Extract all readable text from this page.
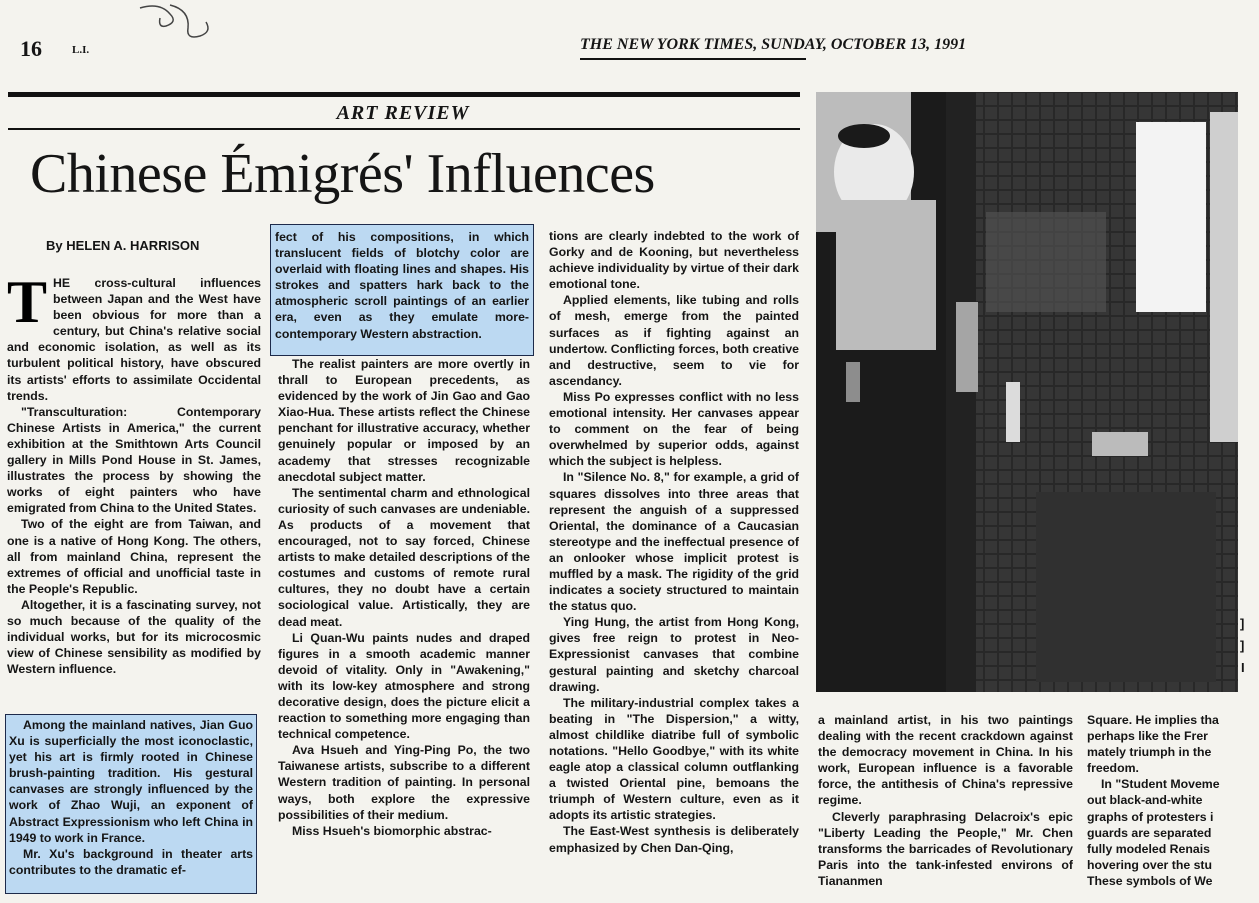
16	L.I.	THE NEW YORK TIMES, SUNDAY, OCTOBER 13, 1991
ART REVIEW
Chinese Émigrés' Influences
By HELEN A. HARRISON
T HE cross-cultural influences between Japan and the West have been obvious for more than a century, but China's relative social and economic isolation, as well as its turbulent political history, have obscured its artists' efforts to assimilate Occidental trends.

"Transculturation: Contemporary Chinese Artists in America," the current exhibition at the Smithtown Arts Council gallery in Mills Pond House in St. James, illustrates the process by showing the works of eight painters who have emigrated from China to the United States.

Two of the eight are from Taiwan, and one is a native of Hong Kong. The others, all from mainland China, represent the extremes of official and unofficial taste in the People's Republic.

Altogether, it is a fascinating survey, not so much because of the quality of the individual works, but for its microcosmic view of Chinese sensibility as modified by Western influence.

Among the mainland natives, Jian Guo Xu is superficially the most iconoclastic, yet his art is firmly rooted in Chinese brush-painting tradition. His gestural canvases are strongly influenced by the work of Zhao Wuji, an exponent of Abstract Expressionism who left China in 1949 to work in France.

Mr. Xu's background in theater arts contributes to the dramatic ef-

fect of his compositions, in which translucent fields of blotchy color are overlaid with floating lines and shapes. His strokes and spatters hark back to the atmospheric scroll paintings of an earlier era, even as they emulate more-contemporary Western abstraction.

The realist painters are more overtly in thrall to European precedents, as evidenced by the work of Jin Gao and Gao Xiao-Hua. These artists reflect the Chinese penchant for illustrative accuracy, whether genuinely popular or imposed by an academy that stresses recognizable anecdotal subject matter.

The sentimental charm and ethnological curiosity of such canvases are undeniable. As products of a movement that encouraged, not to say forced, Chinese artists to make detailed descriptions of the costumes and customs of remote rural cultures, they no doubt have a certain sociological value. Artistically, they are dead meat.

Li Quan-Wu paints nudes and draped figures in a smooth academic manner devoid of vitality. Only in "Awakening," with its low-key atmosphere and strong decorative design, does the picture elicit a reaction to something more engaging than technical competence.

Ava Hsueh and Ying-Ping Po, the two Taiwanese artists, subscribe to a different Western tradition of painting. In personal ways, both explore the expressive possibilities of their medium.

Miss Hsueh's biomorphic abstrac-

tions are clearly indebted to the work of Gorky and de Kooning, but nevertheless achieve individuality by virtue of their dark emotional tone.

Applied elements, like tubing and rolls of mesh, emerge from the painted surfaces as if fighting against an undertow. Conflicting forces, both creative and destructive, seem to vie for ascendancy.

Miss Po expresses conflict with no less emotional intensity. Her canvases appear to comment on the fear of being overwhelmed by superior odds, against which the subject is helpless.

In "Silence No. 8," for example, a grid of squares dissolves into three areas that represent the anguish of a suppressed Oriental, the dominance of a Caucasian stereotype and the ineffectual presence of an onlooker whose implicit protest is muffled by a mask. The rigidity of the grid indicates a society structured to maintain the status quo.

Ying Hung, the artist from Hong Kong, gives free reign to protest in Neo-Expressionist canvases that combine gestural painting and sketchy charcoal drawing.

The military-industrial complex takes a beating in "The Dispersion," a witty, almost childlike diatribe full of symbolic notations. "Hello Goodbye," with its white eagle atop a classical column outflanking a twisted Oriental pine, bemoans the triumph of Western culture, even as it adopts its artistic strategies.

The East-West synthesis is deliberately emphasized by Chen Dan-Qing,

a mainland artist, in his two paintings dealing with the recent crackdown against the democracy movement in China. In his work, European influence is a favorable force, the antithesis of China's repressive regime.

Cleverly paraphrasing Delacroix's epic "Liberty Leading the People," Mr. Chen transforms the barricades of Revolutionary Paris into the tank-infested environs of Tiananmen

Square. He implies tha
perhaps like the Frer
mately triumph in the
freedom.
In "Student Moveme
out black-and-white
graphs of protesters i
guards are separated
fully modeled Renais
hovering over the stu
These symbols of We
]
]
I
